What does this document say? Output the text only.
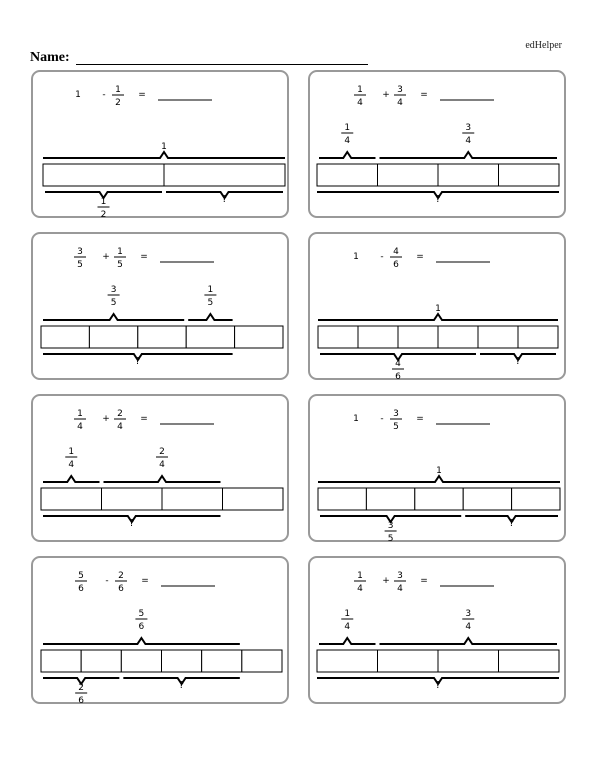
edHelper
Name:
1 - 1
2
=
1
1
2
?
1
4
+ 3
4
=
1
4
3
4
?
3
5
+ 1
5
=
3
5
1
5
?
1 - 4
6
=
1
4
6
?
1
4
+ 2
4
=
1
4
2
4
?
1 - 3
5
=
1
3
5
?
5
6
- 2
6
=
5
6
2
6
?
1
4
+ 3
4
=
1
4
3
4
?
